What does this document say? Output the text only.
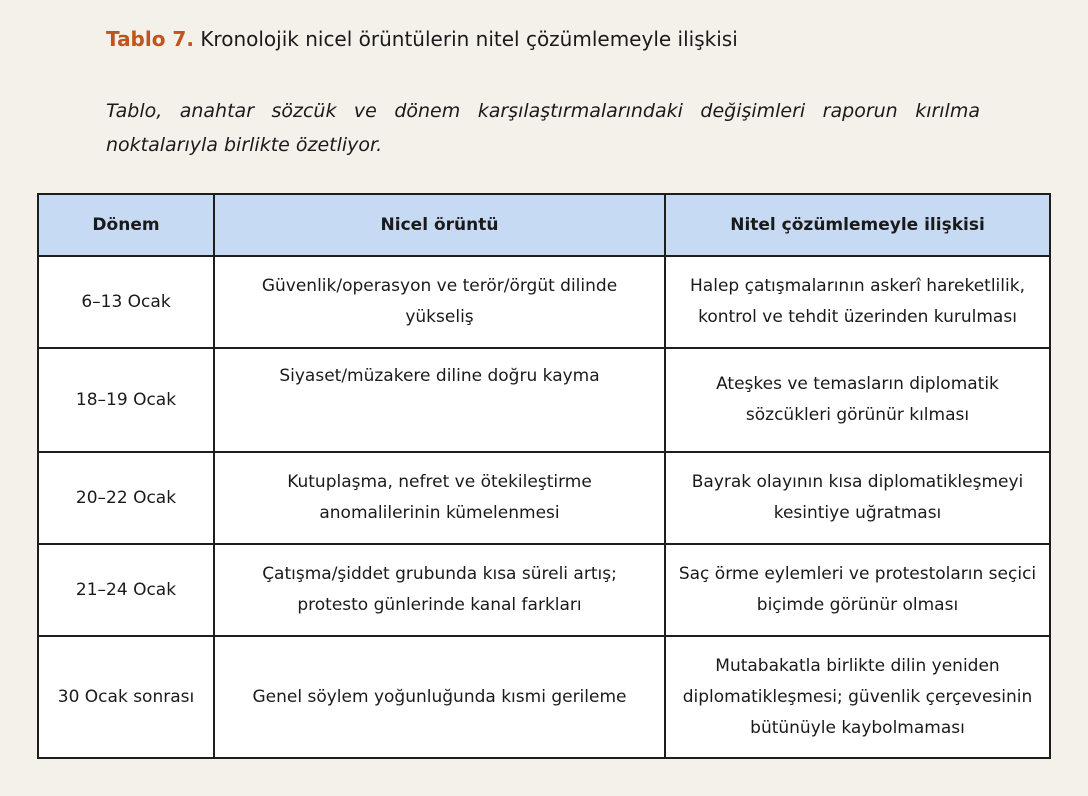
Tablo 7. Kronolojik nicel örüntülerin nitel çözümlemeyle ilişkisi
Tablo, anahtar sözcük ve dönem karşılaştırmalarındaki değişimleri raporun kırılma noktalarıyla birlikte özetliyor.
Dönem	Nicel örüntü	Nitel çözümlemeyle ilişkisi
6–13 Ocak	Güvenlik/operasyon ve terör/örgüt dilinde yükseliş	Halep çatışmalarının askerî hareketlilik, kontrol ve tehdit üzerinden kurulması
18–19 Ocak	Siyaset/müzakere diline doğru kayma	Ateşkes ve temasların diplomatik sözcükleri görünür kılması
20–22 Ocak	Kutuplaşma, nefret ve ötekileştirme anomalilerinin kümelenmesi	Bayrak olayının kısa diplomatikleşmeyi kesintiye uğratması
21–24 Ocak	Çatışma/şiddet grubunda kısa süreli artış; protesto günlerinde kanal farkları	Saç örme eylemleri ve protestoların seçici biçimde görünür olması
30 Ocak sonrası	Genel söylem yoğunluğunda kısmi gerileme	Mutabakatla birlikte dilin yeniden diplomatikleşmesi; güvenlik çerçevesinin bütünüyle kaybolmaması
